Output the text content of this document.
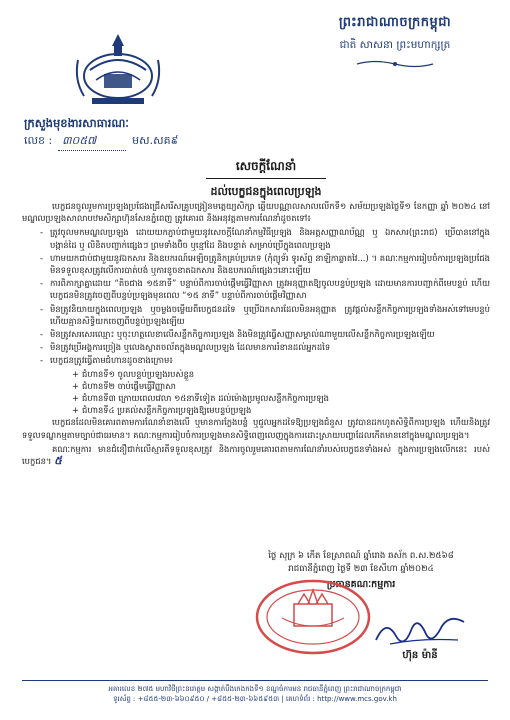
ព្រះរាជាណាចក្រកម្ពុជា
ជាតិ សាសនា ព្រះមហាក្សត្រ
ក្រសួងមុខងារសាធារណៈ
លេខ : ៣០៥៧	មស.សគ៩
សេចក្តីណែនាំ
ដល់បេក្ខជនក្នុងពេលប្រឡង

បេក្ខជនចូលរួមការប្រឡងប្រជែងជ្រើសរើសគ្រូបង្រៀនមត្តេយ្យសិក្សា ឆ្លើយបណ្ណាលសាលលើកទី១ សម័យប្រឡងថ្ងៃទី១ ខែកញ្ញា ឆ្នាំ ២០២៤ នៅមណ្ឌលប្រឡងសាលាបឋមសិក្សាហ៊ុនសែនភ្នំពេញ ត្រូវគោរព និងអនុវត្តតាមការណែនាំដូចតទៅ៖

- ត្រូវចូលមកមណ្ឌលប្រឡង ដោយយកភ្ជាប់ជាមួយនូវសេចក្តីណែនាំកម្មវិធីប្រឡង និងអត្តសញ្ញាណប័ណ្ណ ឬ ឯកសារ(ព្រះរាជ) ប្រើបាននៅក្នុងបង្កាន់ដៃ ឬ លិខិតបញ្ជាក់ផ្សេងៗ ព្រមទាំងប៊ិច ឬខ្មៅដៃ និងបន្ទាត់ សម្រាប់ប្រើក្នុងពេលប្រឡង
- ហាមយកជាប់ជាមួយនូវឯកសារ និងឧបករណ៍អេឡិចត្រូនិកគ្រប់ប្រភេទ (កុំព្យូទ័រ ទូរស័ព្ទ នាឡិកាឆ្លាតវៃ...) ។ គណៈកម្មការរៀបចំការប្រឡងប្រជែងមិនទទួលខុសត្រូវលើការបាត់បង់ ឬការខូចខាតឯកសារ និងឧបករណ៍ផ្សេងៗនោះឡើយ
- ការពិភាក្សាគ្នាដោយ “តិចជាង ១៥នាទី” បន្ទាប់ពីការចាប់ផ្តើមធ្វើវិញ្ញាសា ត្រូវអនុញ្ញាតឱ្យចូលបន្ទប់ប្រឡង ដោយមានការបញ្ជាក់ពីមេបន្ទប់ ហើយបេក្ខជនមិនត្រូវចេញពីបន្ទប់ប្រឡងមុនពេល “១៥ នាទី” បន្ទាប់ពីការចាប់ផ្តើមវិញ្ញាសា
- មិនត្រូវនិយាយក្នុងពេលប្រឡង ឬចម្លងចម្លើយពីបេក្ខជនដទៃ ឬប្រើឯកសារដែលមិនអនុញ្ញាត ត្រូវផ្តល់សន្លឹកកិច្ចការប្រឡងទាំងអស់ទៅមេបន្ទប់ ហើយគ្មានសិទ្ធិយកចេញពីបន្ទប់ប្រឡងឡើយ
- មិនត្រូវសរសេរឈ្មោះ ឬចុះហត្ថលេខាលើសន្លឹកកិច្ចការប្រឡង និងមិនត្រូវធ្វើសញ្ញាសម្គាល់ណាមួយលើសន្លឹកកិច្ចការប្រឡងឡើយ
- មិនត្រូវប្រើអង្គការច្រៀង ឬលេងស្លាតចល័តក្នុងមណ្ឌលប្រឡង ដែលមានការរំខានដល់អ្នកដទៃ
- បេក្ខជនត្រូវធ្វើតាមជំហានដូចខាងក្រោម៖
+ ជំហានទី១ ចូលបន្ទប់ប្រឡងរបស់ខ្លួន
+ ជំហានទី២ ចាប់ផ្តើមធ្វើវិញ្ញាសា
+ ជំហានទី៣ ក្រោយពេលវេលា ១៥នាទីទៀត ដល់ម៉ោងប្រមូលសន្លឹកកិច្ចការប្រឡង
+ ជំហានទី៤ ប្រគល់សន្លឹកកិច្ចការប្រឡងឱ្យមេបន្ទប់ប្រឡង

បេក្ខជនដែលមិនគោរពតាមការណែនាំខាងលើ ឬមានការក្លែងបន្លំ ឬជួលអ្នកដទៃឱ្យប្រឡងជំនួស ត្រូវបានដកហូតសិទ្ធិពីការប្រឡង ហើយនិងត្រូវទទួលទណ្ឌកម្មតាមច្បាប់ជាធរមាន។ គណៈកម្មការរៀបចំការប្រឡងមានសិទ្ធិពេញលេញក្នុងការដោះស្រាយបញ្ហាដែលកើតមាននៅក្នុងមណ្ឌលប្រឡង។

គណៈកម្មការ មានជំនឿជាក់លើស្មារតីទទួលខុសត្រូវ និងការចូលរួមគោរពតាមការណែនាំរបស់បេក្ខជនទាំងអស់ ក្នុងការប្រឡងលើកនេះ របស់បេក្ខជន។ ៥

ថ្ងៃ សុក្រ ៦ កើត ខែស្រាពណ៍ ឆ្នាំរោង ឆស័ក ព.ស.២៥៦៨
រាជធានីភ្នំពេញ ថ្ងៃទី ២៣ ខែសីហា ឆ្នាំ២០២៤
ប្រធានគណៈកម្មការ
ហ៊ុន ម៉ានី
អគារលេខ ២៧៥ មហាវិថីព្រះនរោត្តម សង្កាត់បឹងកេងកងទី១ ខណ្ឌចំការមន រាជធានីភ្នំពេញ ព្រះរាជាណាចក្រកម្ពុជា
ទូរស័ព្ទ : +៨៥៥-២៣-៦៦០៩៥០ / +៨៥៥-២៣-៦៦៥៩៥៣ | គេហទំព័រ : http://www.mcs.gov.kh
